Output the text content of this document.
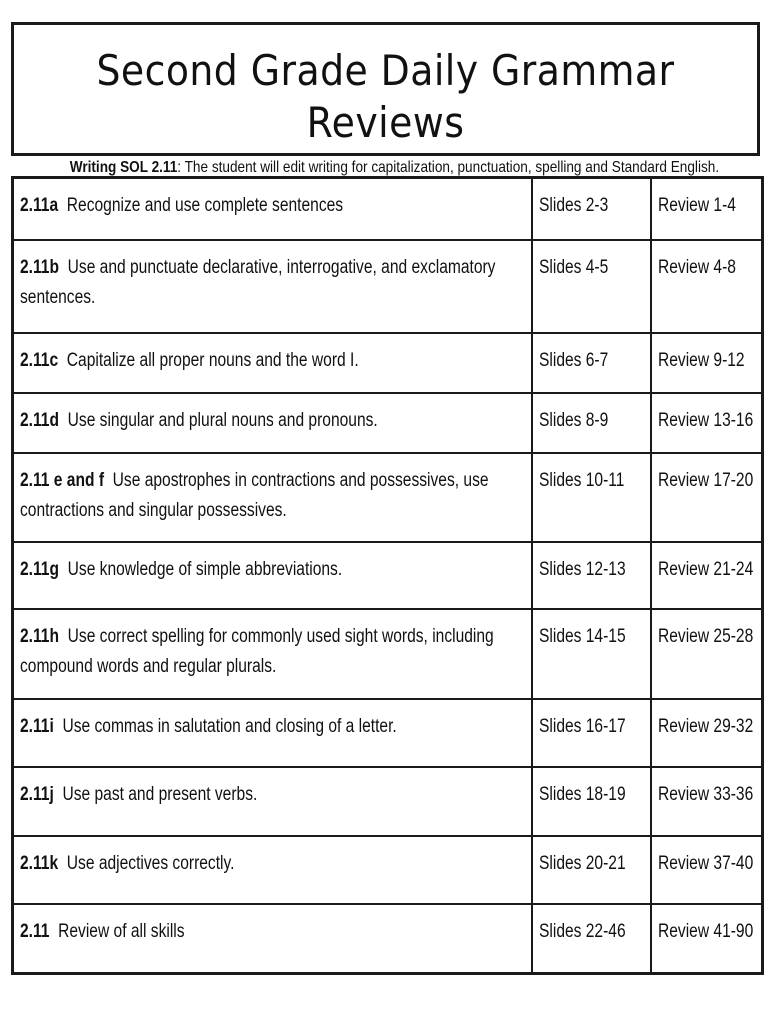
Second Grade Daily Grammar Reviews
Writing SOL 2.11: The student will edit writing for capitalization, punctuation, spelling and Standard English.
2.11a Recognize and use complete sentences	Slides 2-3	Review 1-4

2.11b Use and punctuate declarative, interrogative, and exclamatory sentences.	Slides 4-5	Review 4-8

2.11c Capitalize all proper nouns and the word I.	Slides 6-7	Review 9-12

2.11d Use singular and plural nouns and pronouns.	Slides 8-9	Review 13-16

2.11 e and f Use apostrophes in contractions and possessives, use contractions and singular possessives.	Slides 10-11	Review 17-20

2.11g Use knowledge of simple abbreviations.	Slides 12-13	Review 21-24

2.11h Use correct spelling for commonly used sight words, including compound words and regular plurals.	Slides 14-15	Review 25-28

2.11i Use commas in salutation and closing of a letter.	Slides 16-17	Review 29-32

2.11j Use past and present verbs.	Slides 18-19	Review 33-36

2.11k Use adjectives correctly.	Slides 20-21	Review 37-40

2.11 Review of all skills	Slides 22-46	Review 41-90
